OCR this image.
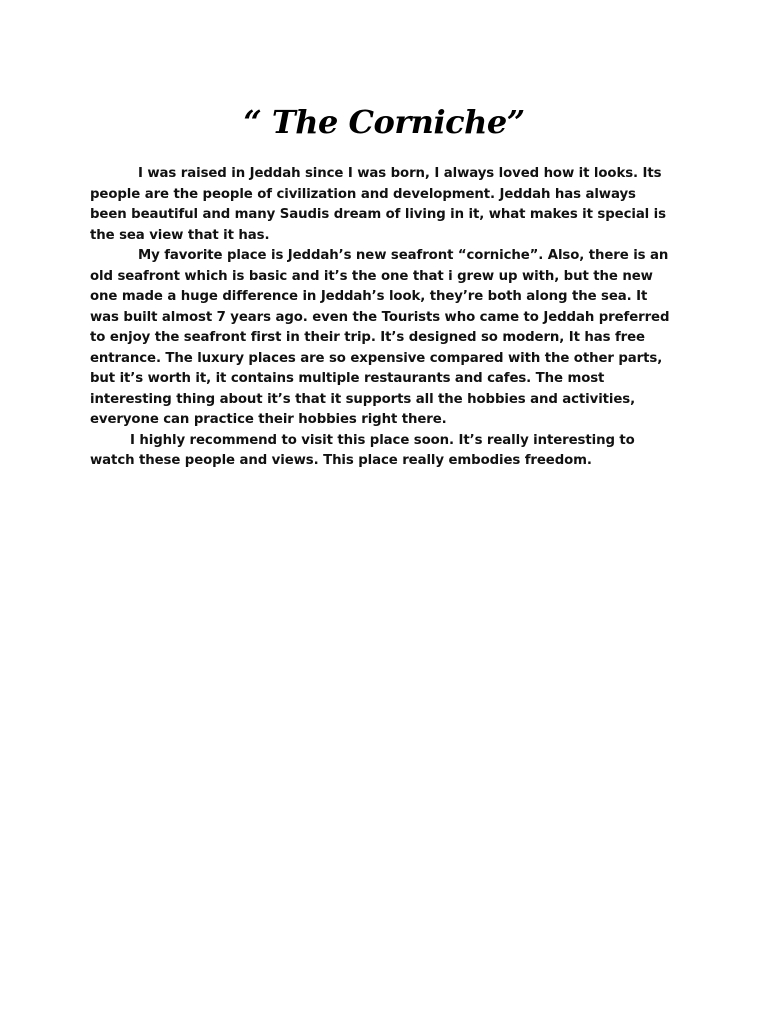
“ The Corniche”

I was raised in Jeddah since I was born, I always loved how it looks. Its people are the people of civilization and development. Jeddah has always been beautiful and many Saudis dream of living in it, what makes it special is the sea view that it has.

My favorite place is Jeddah’s new seafront “corniche”. Also, there is an old seafront which is basic and it’s the one that i grew up with, but the new one made a huge difference in Jeddah’s look, they’re both along the sea. It was built almost 7 years ago. even the Tourists who came to Jeddah preferred to enjoy the seafront first in their trip. It’s designed so modern, It has free entrance. The luxury places are so expensive compared with the other parts, but it’s worth it, it contains multiple restaurants and cafes. The most interesting thing about it’s that it supports all the hobbies and activities, everyone can practice their hobbies right there.

I highly recommend to visit this place soon. It’s really interesting to watch these people and views. This place really embodies freedom.
